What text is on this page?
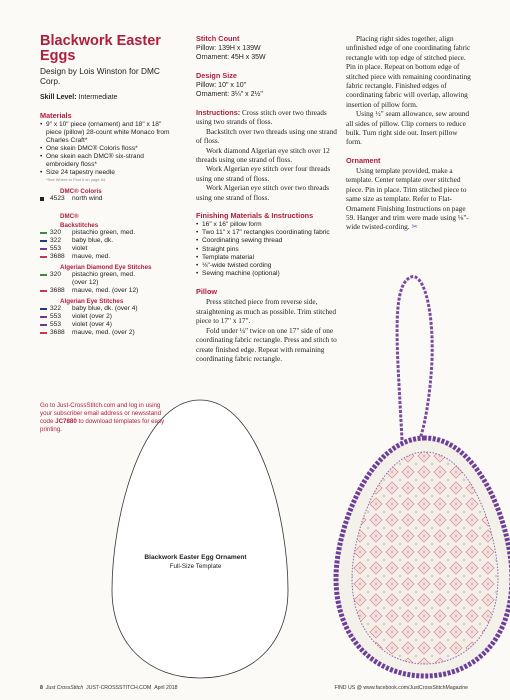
Blackwork Easter Eggs
Design by Lois Winston for DMC Corp.
Skill Level: Intermediate
Materials
• 9" x 10" piece (ornament) and 18" x 18" piece (pillow) 28-count white Monaco from Charles Craft*
• One skein DMC® Coloris floss*
• One skein each DMC® six-strand embroidery floss*
• Size 24 tapestry needle
*See Where to Find it on page 64.
DMC® Coloris
4523	north wind
DMC®
Backstitches
320	pistachio green, med.
322	baby blue, dk.
553	violet
3688	mauve, med.
Algerian Diamond Eye Stitches
320	pistachio green, med.
(over 12)
3688	mauve, med. (over 12)
Algerian Eye Stitches
322	baby blue, dk. (over 4)
553	violet (over 2)
553	violet (over 4)
3688	mauve, med. (over 2)
Go to Just-CrossStitch.com and log in using your subscriber email address or newsstand code JC7880 to download templates for easy printing.
Stitch Count
Pillow: 139H x 139W
Ornament: 45H x 35W
Design Size
Pillow: 10" x 10"
Ornament: 3¼" x 2½"

Instructions: Cross stitch over two threads using two strands of floss.

Backstitch over two threads using one strand of floss.

Work diamond Algerian eye stitch over 12 threads using one strand of floss.

Work Algerian eye stitch over four threads using one strand of floss.

Work Algerian eye stitch over two threads using one strand of floss.

Finishing Materials & Instructions
• 16" x 16" pillow form
• Two 11" x 17" rectangles coordinating fabric
• Coordinating sewing thread
• Straight pins
• Template material
• ⅛"-wide twisted cording
• Sewing machine (optional)
Pillow

Press stitched piece from reverse side, straightening as much as possible. Trim stitched piece to 17" x 17".

Fold under ¼" twice on one 17" side of one coordinating fabric rectangle. Press and stitch to create finished edge. Repeat with remaining coordinating fabric rectangle.

Placing right sides together, align unfinished edge of one coordinating fabric rectangle with top edge of stitched piece. Pin in place. Repeat on bottom edge of stitched piece with remaining coordinating fabric rectangle. Finished edges of coordinating fabric will overlap, allowing insertion of pillow form.

Using ½" seam allowance, sew around all sides of pillow. Clip corners to reduce bulk. Turn right side out. Insert pillow form.

Ornament

Using template provided, make a template. Center template over stitched piece. Pin in place. Trim stitched piece to same size as template. Refer to Flat-Ornament Finishing Instructions on page 59. Hanger and trim were made using ⅛"-wide twisted-cording. ✂

Blackwork Easter Egg Ornament
Full-Size Template
8 Just CrossStitch JUST-CROSSSTITCH.COM April 2018	FIND US @ www.facebook.com/JustCrossStitchMagazine
